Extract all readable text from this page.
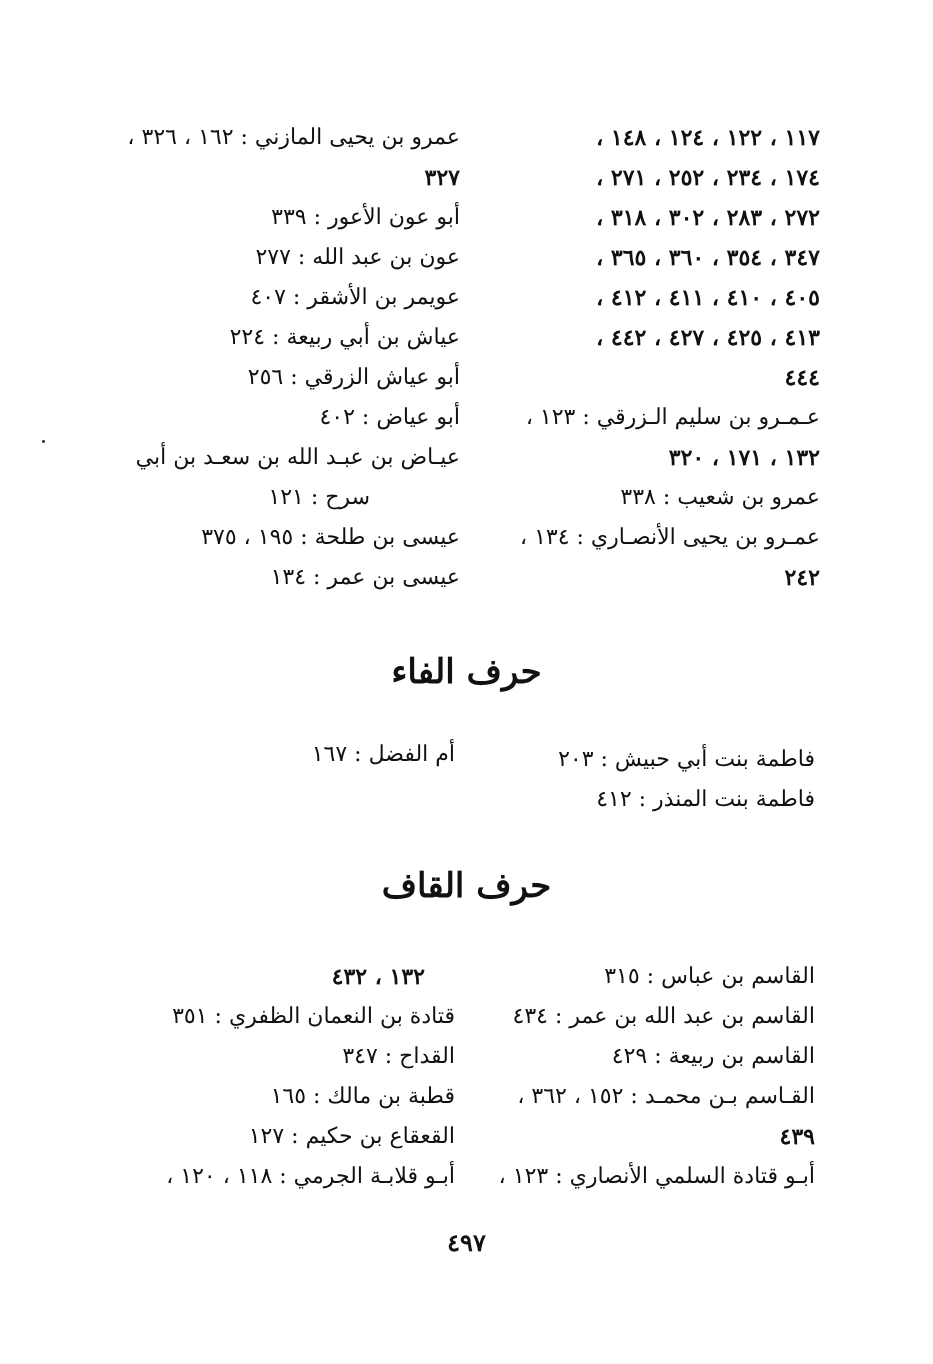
١١٧ ، ١٢٢ ، ١٢٤ ، ١٤٨ ،
١٧٤ ، ٢٣٤ ، ٢٥٢ ، ٢٧١ ،
٢٧٢ ، ٢٨٣ ، ٣٠٢ ، ٣١٨ ،
٣٤٧ ، ٣٥٤ ، ٣٦٠ ، ٣٦٥ ،
٤٠٥ ، ٤١٠ ، ٤١١ ، ٤١٢ ،
٤١٣ ، ٤٢٥ ، ٤٢٧ ، ٤٤٢ ،
٤٤٤
عـمـرو بن سليم الـزرقي : ١٢٣ ،
١٣٢ ، ١٧١ ، ٣٢٠
عمرو بن شعيب : ٣٣٨
عمـرو بن يحيى الأنصـاري : ١٣٤ ،
٢٤٢
عمرو بن يحيى المازني : ١٦٢ ، ٣٢٦ ،
٣٢٧
أبو عون الأعور : ٣٣٩
عون بن عبد الله : ٢٧٧
عويمر بن الأشقر : ٤٠٧
عياش بن أبي ربيعة : ٢٢٤
أبو عياش الزرقي : ٢٥٦
أبو عياض : ٤٠٢
عيـاض بن عبـد الله بن سعـد بن أبي
سرح : ١٢١
عيسى بن طلحة : ١٩٥ ، ٣٧٥
عيسى بن عمر : ١٣٤
حرف الفاء
فاطمة بنت أبي حبيش : ٢٠٣
فاطمة بنت المنذر : ٤١٢
أم الفضل : ١٦٧
حرف القاف
القاسم بن عباس : ٣١٥
القاسم بن عبد الله بن عمر : ٤٣٤
القاسم بن ربيعة : ٤٢٩
القـاسم بـن محمـد : ١٥٢ ، ٣٦٢ ،
٤٣٩
أبـو قتادة السلمي الأنصاري : ١٢٣ ،
١٣٢ ، ٤٣٢
قتادة بن النعمان الظفري : ٣٥١
القداح : ٣٤٧
قطبة بن مالك : ١٦٥
القعقاع بن حكيم : ١٢٧
أبـو قلابـة الجرمي : ١١٨ ، ١٢٠ ،
٤٩٧
